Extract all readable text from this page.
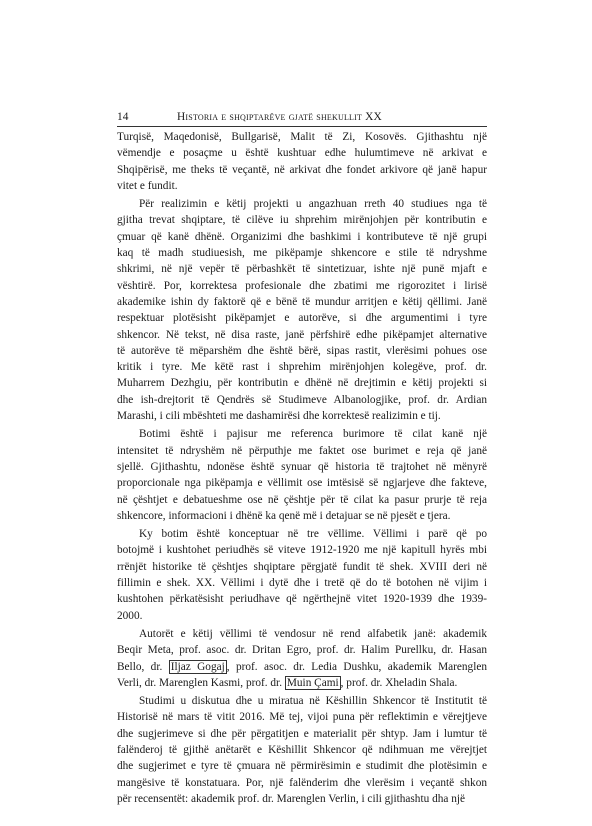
14	Historia e shqiptarëve gjatë shekullit XX
Turqisë, Maqedonisë, Bullgarisë, Malit të Zi, Kosovës. Gjithashtu një
vëmendje e posaçme u është kushtuar edhe hulumtimeve në arkivat e
Shqipërisë, me theks të veçantë, në arkivat dhe fondet arkivore që janë hapur
vitet e fundit.
Për realizimin e këtij projekti u angazhuan rreth 40 studiues nga të
gjitha trevat shqiptare, të cilëve iu shprehim mirënjohjen për kontributin e
çmuar që kanë dhënë. Organizimi dhe bashkimi i kontributeve të një grupi
kaq të madh studiuesish, me pikëpamje shkencore e stile të ndryshme
shkrimi, në një vepër të përbashkët të sintetizuar, ishte një punë mjaft e
vështirë. Por, korrektesa profesionale dhe zbatimi me rigorozitet i lirisë
akademike ishin dy faktorë që e bënë të mundur arritjen e këtij qëllimi. Janë
respektuar plotësisht pikëpamjet e autorëve, si dhe argumentimi i tyre
shkencor. Në tekst, në disa raste, janë përfshirë edhe pikëpamjet alternative
të autorëve të mëparshëm dhe është bërë, sipas rastit, vlerësimi pohues ose
kritik i tyre. Me këtë rast i shprehim mirënjohjen kolegëve, prof. dr.
Muharrem Dezhgiu, për kontributin e dhënë në drejtimin e këtij projekti si
dhe ish-drejtorit të Qendrës së Studimeve Albanologjike, prof. dr. Ardian
Marashi, i cili mbështeti me dashamirësi dhe korrektesë realizimin e tij.
Botimi është i pajisur me referenca burimore të cilat kanë një
intensitet të ndryshëm në përputhje me faktet ose burimet e reja që janë
sjellë. Gjithashtu, ndonëse është synuar që historia të trajtohet në mënyrë
proporcionale nga pikëpamja e vëllimit ose imtësisë së ngjarjeve dhe fakteve,
në çështjet e debatueshme ose në çështje për të cilat ka pasur prurje të reja
shkencore, informacioni i dhënë ka qenë më i detajuar se në pjesët e tjera.
Ky botim është konceptuar në tre vëllime. Vëllimi i parë që po
botojmë i kushtohet periudhës së viteve 1912-1920 me një kapitull hyrës mbi
rrënjët historike të çështjes shqiptare përgjatë fundit të shek. XVIII deri në
fillimin e shek. XX. Vëllimi i dytë dhe i tretë që do të botohen në vijim i
kushtohen përkatësisht periudhave që ngërthejnë vitet 1920-1939 dhe 1939-
2000.
Autorët e këtij vëllimi të vendosur në rend alfabetik janë: akademik
Beqir Meta, prof. asoc. dr. Dritan Egro, prof. dr. Halim Purellku, dr. Hasan
Bello, dr. Iljaz Gogaj , prof. asoc. dr. Ledia Dushku, akademik Marenglen
Verli, dr. Marenglen Kasmi, prof. dr. Muin Çami , prof. dr. Xheladin Shala.
Studimi u diskutua dhe u miratua në Këshillin Shkencor të Institutit të
Historisë në mars të vitit 2016. Më tej, vijoi puna për reflektimin e vërejtjeve
dhe sugjerimeve si dhe për përgatitjen e materialit për shtyp. Jam i lumtur të
falënderoj të gjithë anëtarët e Këshillit Shkencor që ndihmuan me vërejtjet
dhe sugjerimet e tyre të çmuara në përmirësimin e studimit dhe plotësimin e
mangësive të konstatuara. Por, një falënderim dhe vlerësim i veçantë shkon
për recensentët: akademik prof. dr. Marenglen Verlin, i cili gjithashtu dha një
